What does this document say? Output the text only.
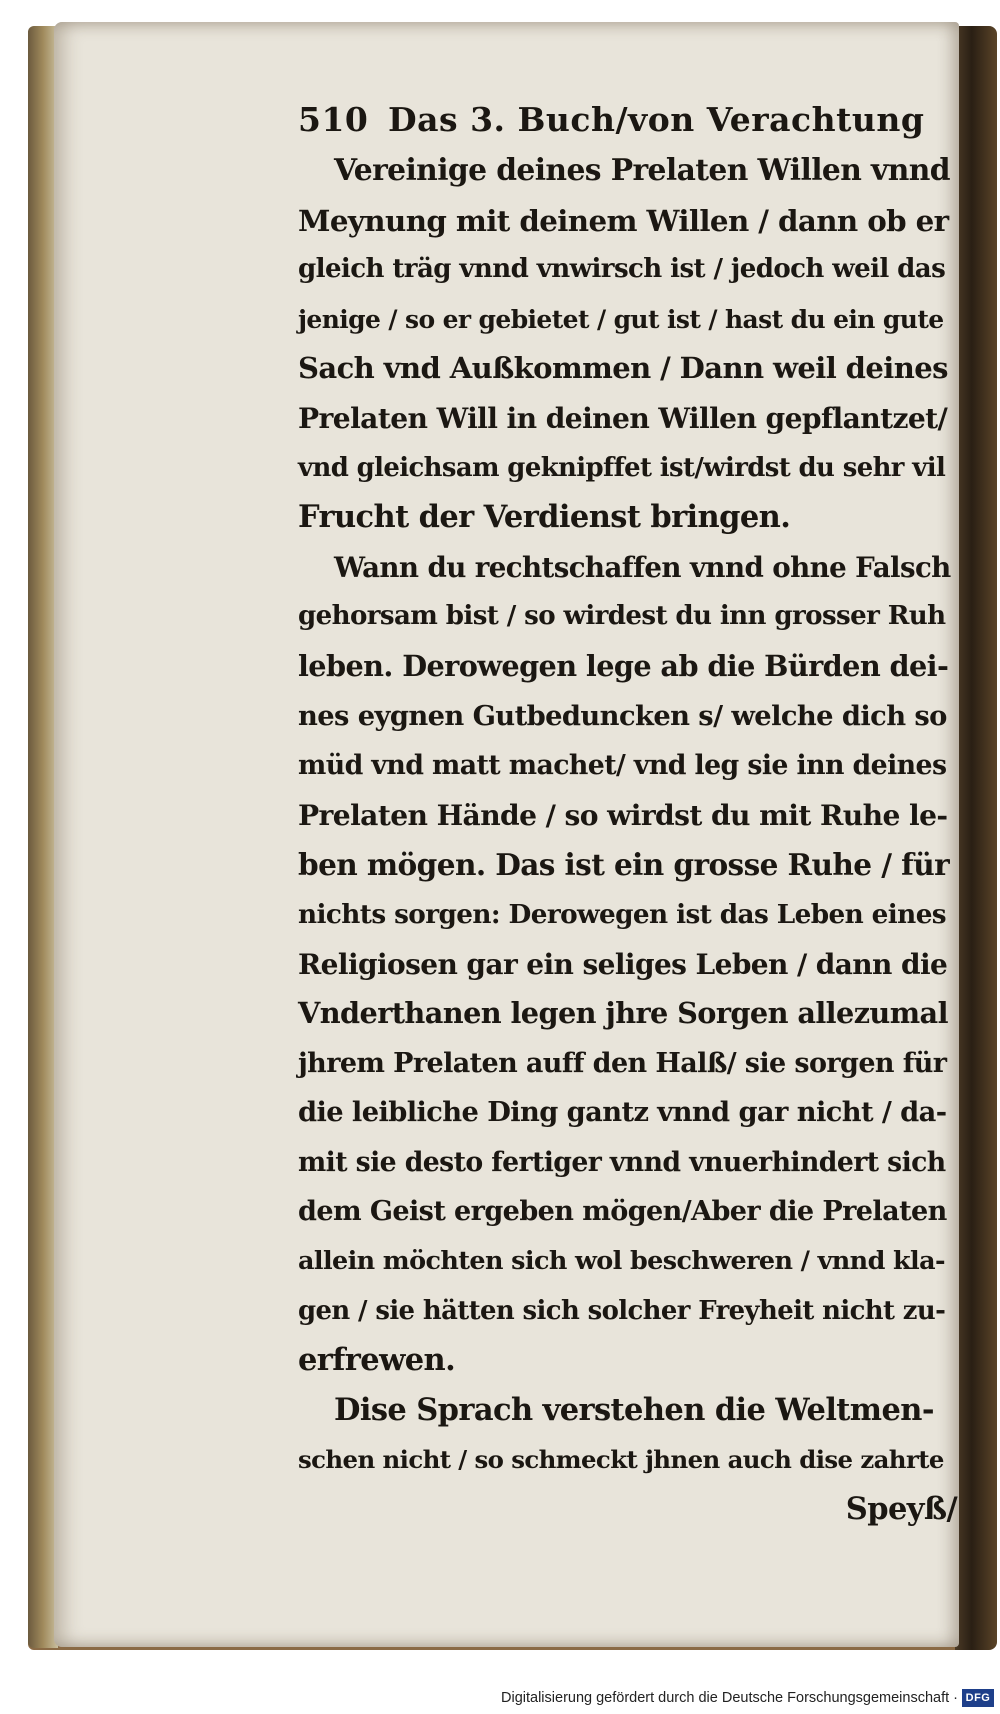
510 Das 3. Buch/von Verachtung
Vereinige deines Prelaten Willen vnnd
Meynung mit deinem Willen / dann ob er
gleich träg vnnd vnwirsch ist / jedoch weil das
jenige / so er gebietet / gut ist / hast du ein gute
Sach vnd Außkommen / Dann weil deines
Prelaten Will in deinen Willen gepflantzet/
vnd gleichsam geknipffet ist/wirdst du sehr vil
Frucht der Verdienst bringen.
Wann du rechtschaffen vnnd ohne Falsch
gehorsam bist / so wirdest du inn grosser Ruh
leben. Derowegen lege ab die Bürden dei-
nes eygnen Gutbeduncken s/ welche dich so
müd vnd matt machet/ vnd leg sie inn deines
Prelaten Hände / so wirdst du mit Ruhe le-
ben mögen. Das ist ein grosse Ruhe / für
nichts sorgen: Derowegen ist das Leben eines
Religiosen gar ein seliges Leben / dann die
Vnderthanen legen jhre Sorgen allezumal
jhrem Prelaten auff den Halß/ sie sorgen für
die leibliche Ding gantz vnnd gar nicht / da-
mit sie desto fertiger vnnd vnuerhindert sich
dem Geist ergeben mögen/Aber die Prelaten
allein möchten sich wol beschweren / vnnd kla-
gen / sie hätten sich solcher Freyheit nicht zu-
erfrewen.
Dise Sprach verstehen die Weltmen-
schen nicht / so schmeckt jhnen auch dise zahrte
Speyß/
Digitalisierung gefördert durch die Deutsche Forschungsgemeinschaft · DFG
